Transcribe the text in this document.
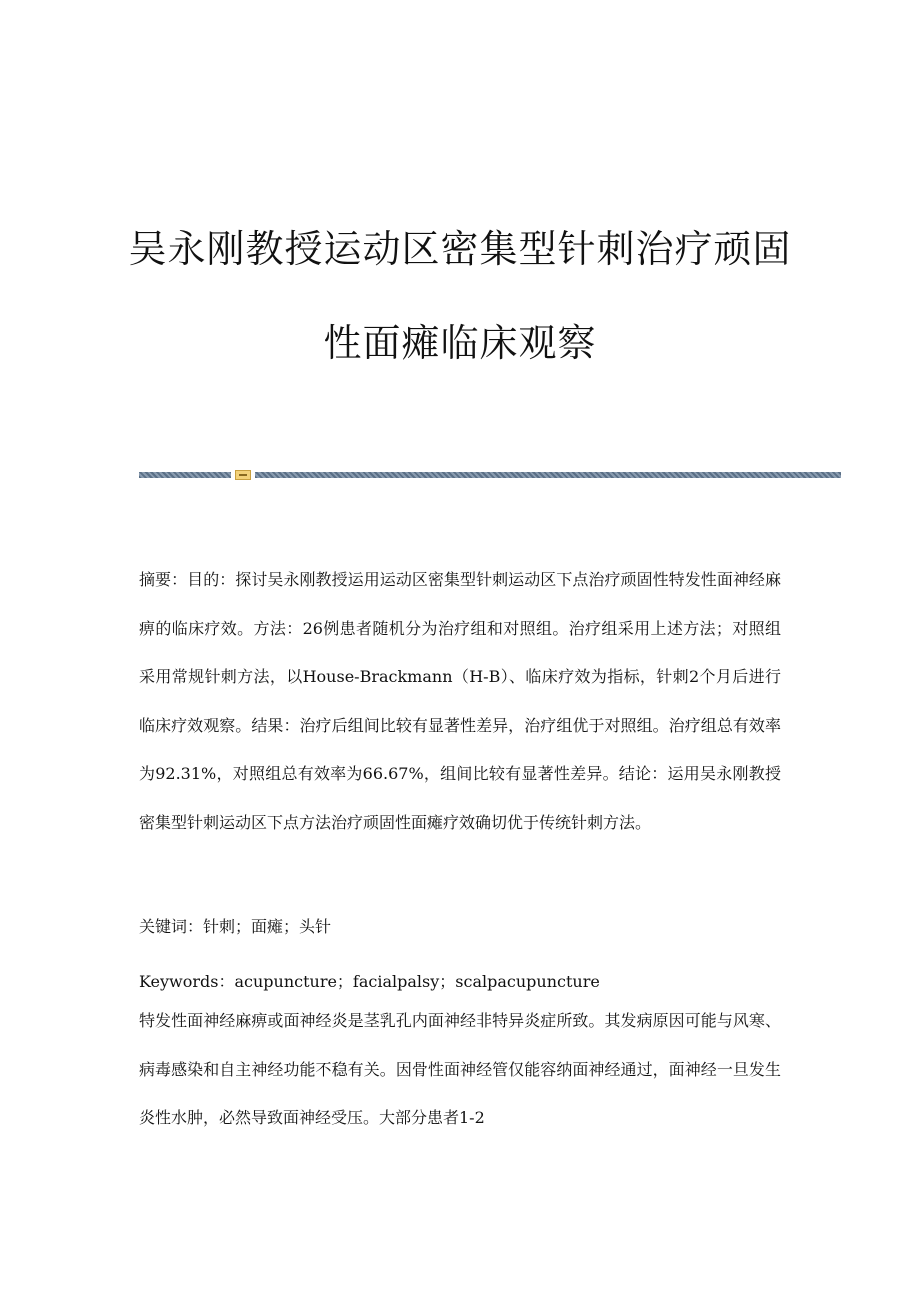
吴永刚教授运动区密集型针刺治疗顽固
性面瘫临床观察

摘要：目的：探讨吴永刚教授运用运动区密集型针刺运动区下点治疗顽固性特发性面神经麻痹的临床疗效。方法：26例患者随机分为治疗组和对照组。治疗组采用上述方法；对照组采用常规针刺方法，以House-Brackmann（H-B）、临床疗效为指标，针刺2个月后进行临床疗效观察。结果：治疗后组间比较有显著性差异，治疗组优于对照组。治疗组总有效率为92.31%，对照组总有效率为66.67%，组间比较有显著性差异。结论：运用吴永刚教授密集型针刺运动区下点方法治疗顽固性面瘫疗效确切优于传统针刺方法。

关键词：针刺；面瘫；头针

Keywords：acupuncture；facialpalsy；scalpacupuncture

特发性面神经麻痹或面神经炎是茎乳孔内面神经非特异炎症所致。其发病原因可能与风寒、病毒感染和自主神经功能不稳有关。因骨性面神经管仅能容纳面神经通过，面神经一旦发生炎性水肿，必然导致面神经受压。大部分患者1-2
